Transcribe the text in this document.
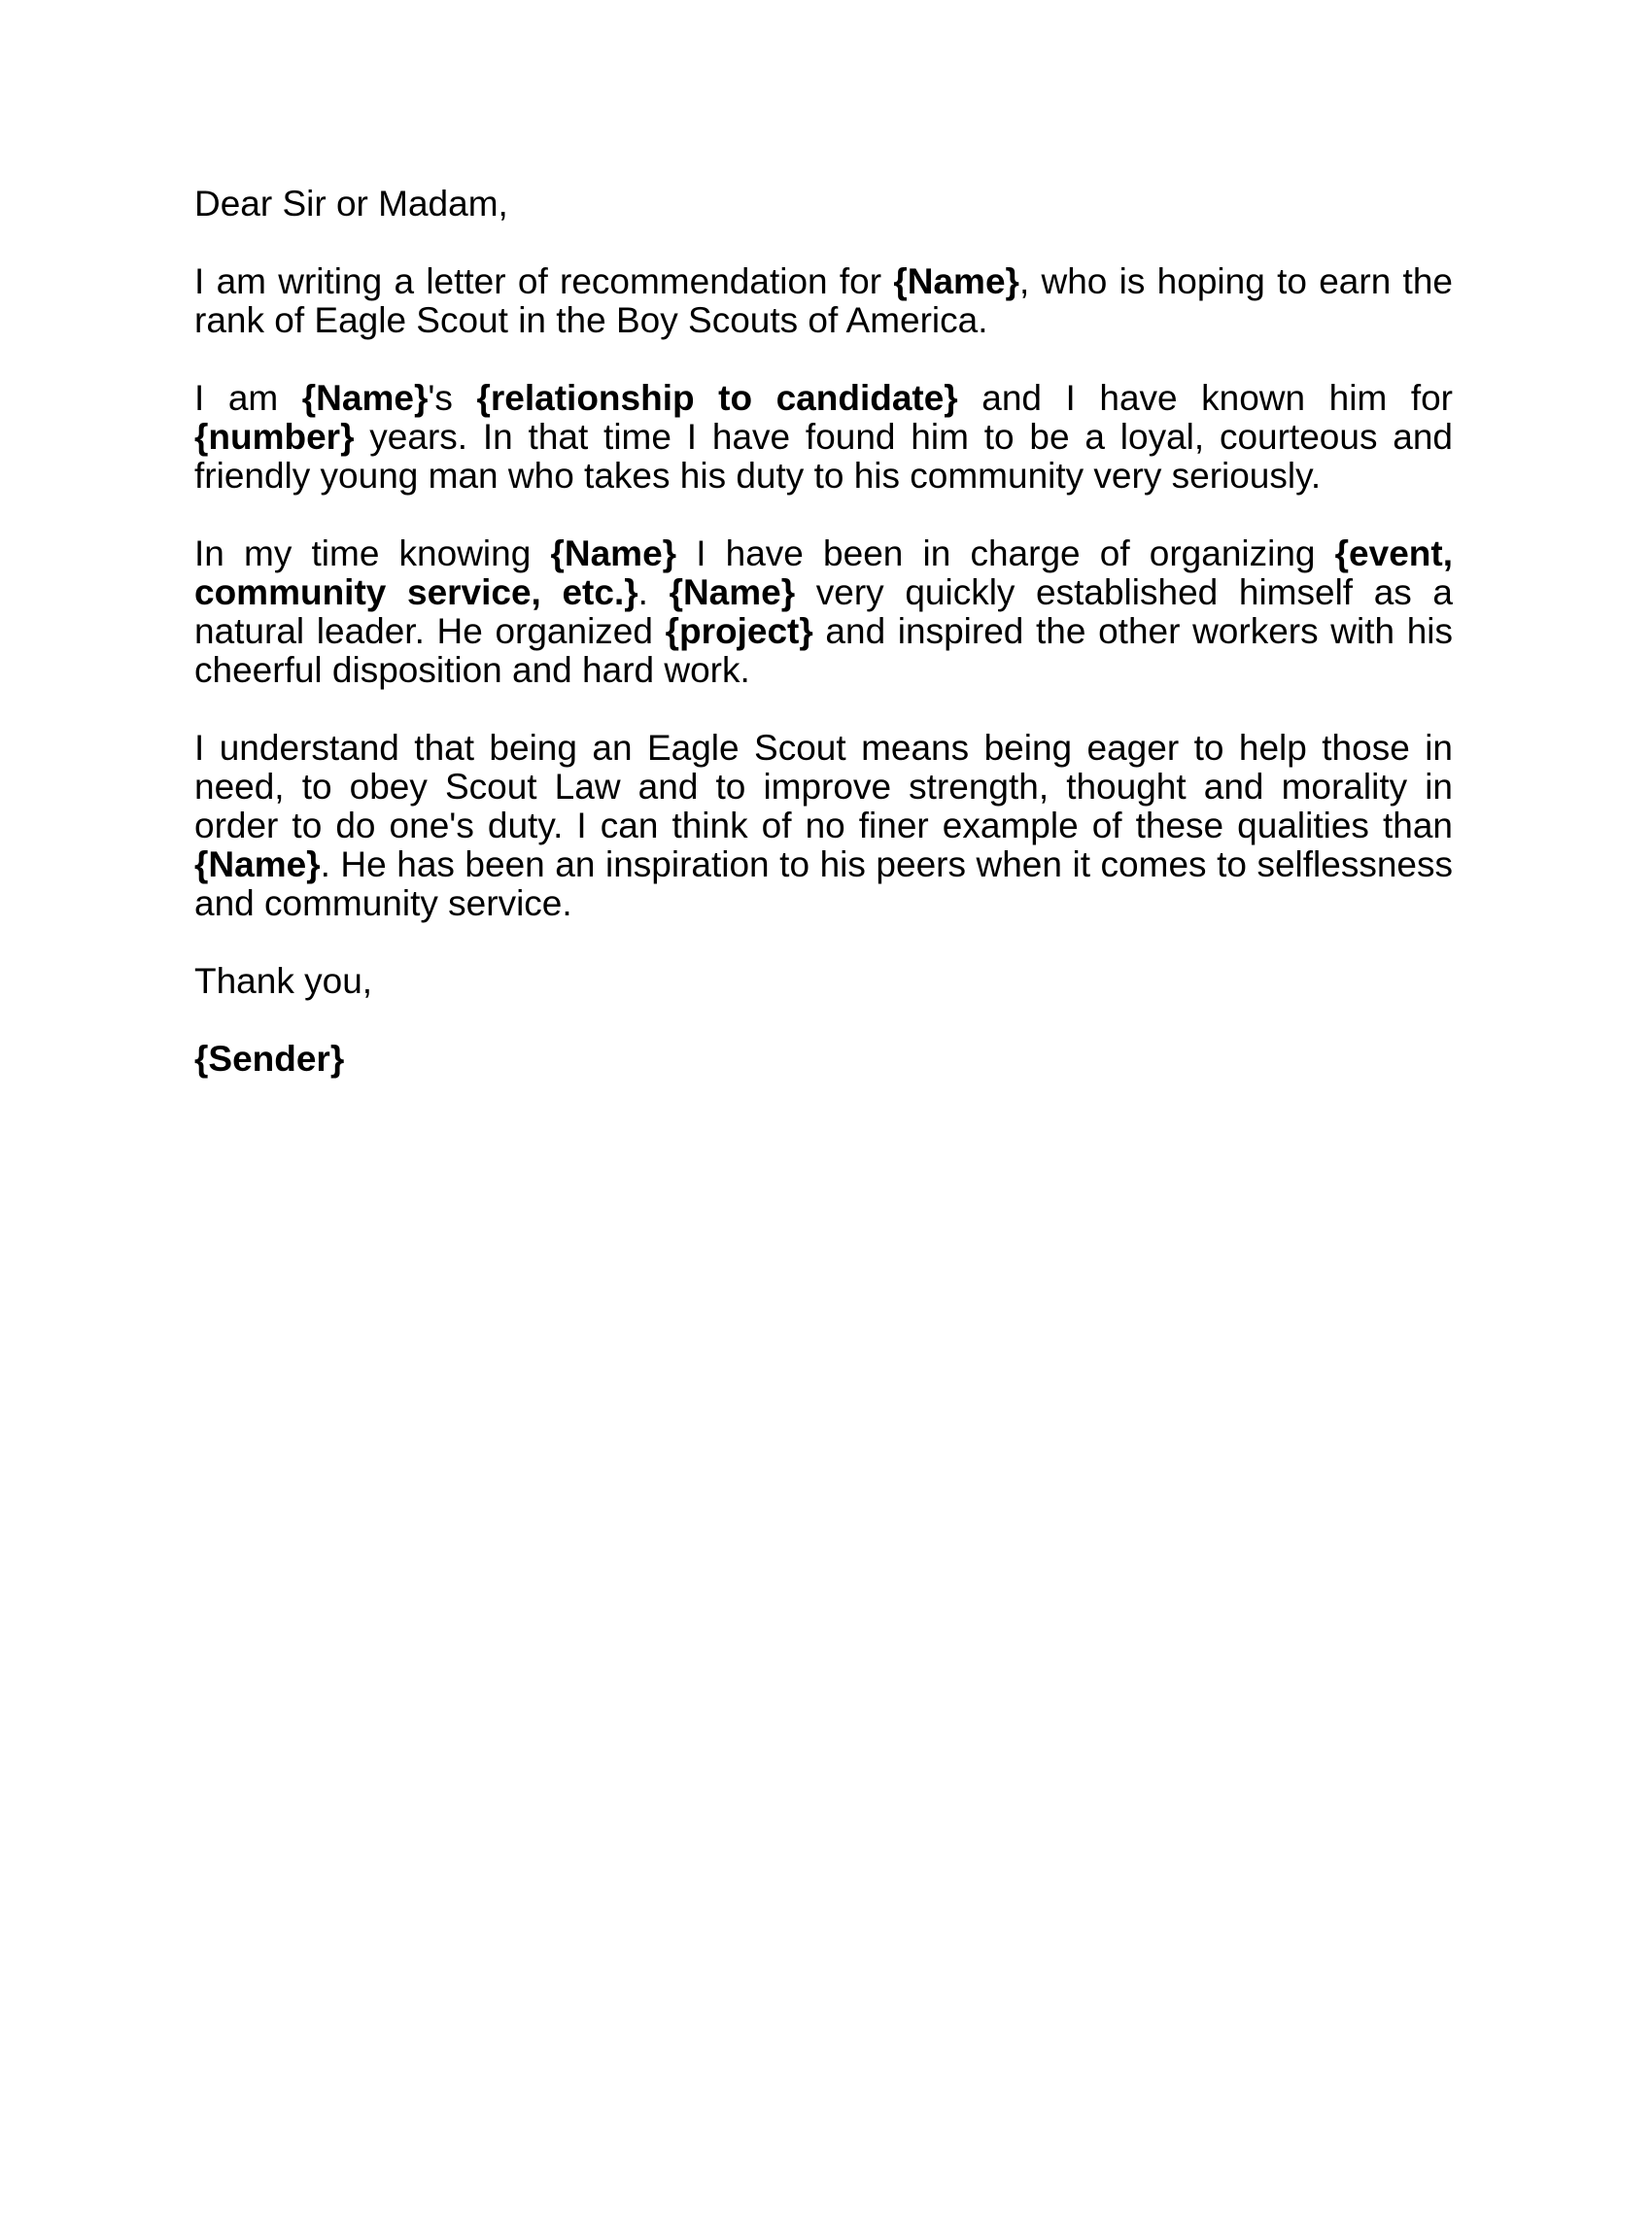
Dear Sir or Madam,

I am writing a letter of recommendation for {Name}, who is hoping to earn the rank of Eagle Scout in the Boy Scouts of America.

I am {Name}'s {relationship to candidate} and I have known him for {number} years. In that time I have found him to be a loyal, courteous and friendly young man who takes his duty to his community very seriously.

In my time knowing {Name} I have been in charge of organizing {event, community service, etc.}. {Name} very quickly established himself as a natural leader. He organized {project} and inspired the other workers with his cheerful disposition and hard work.

I understand that being an Eagle Scout means being eager to help those in need, to obey Scout Law and to improve strength, thought and morality in order to do one's duty. I can think of no finer example of these qualities than {Name}. He has been an inspiration to his peers when it comes to selflessness and community service.

Thank you,

{Sender}
